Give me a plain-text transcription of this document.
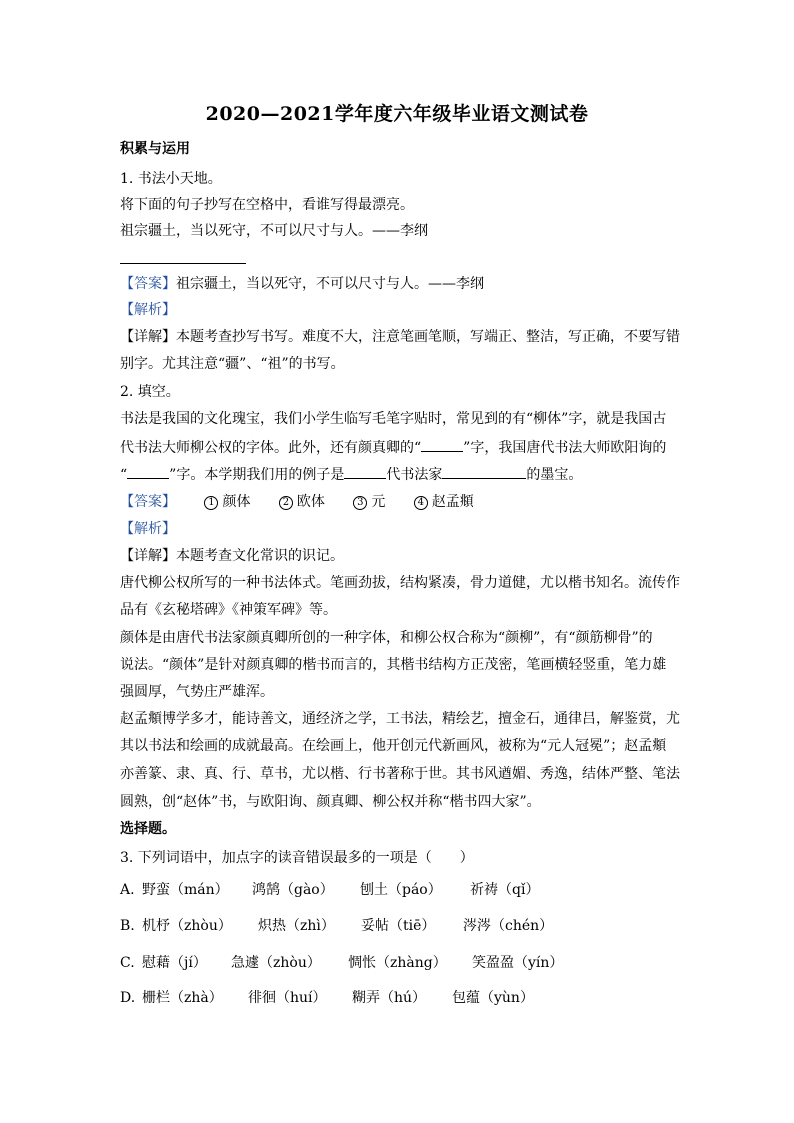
2020—2021学年度六年级毕业语文测试卷
积累与运用
1. 书法小天地。
将下面的句子抄写在空格中，看谁写得最漂亮。
祖宗疆土，当以死守，不可以尺寸与人。——李纲
【答案】祖宗疆土，当以死守，不可以尺寸与人。——李纲
【解析】
【详解】本题考查抄写书写。难度不大，注意笔画笔顺，写端正、整洁，写正确，不要写错
别字。尤其注意“疆”、“祖”的书写。
2. 填空。
书法是我国的文化瑰宝，我们小学生临写毛笔字贴时，常见到的有“柳体”字，就是我国古
代书法大师柳公权的字体。此外，还有颜真卿的“	”字，我国唐代书法大师欧阳询的
“	”字。本学期我们用的例子是	代书法家	的墨宝。
【答案】	1 颜体	2 欧体	3 元	4 赵孟頫
【解析】
【详解】本题考查文化常识的识记。
唐代柳公权所写的一种书法体式。笔画劲拔，结构紧凑，骨力道健，尤以楷书知名。流传作
品有《玄秘塔碑》《神策军碑》等。
颜体是由唐代书法家颜真卿所创的一种字体，和柳公权合称为“颜柳”，有“颜筋柳骨”的
说法。“颜体”是针对颜真卿的楷书而言的，其楷书结构方正茂密，笔画横轻竖重，笔力雄
强圆厚，气势庄严雄浑。
赵孟頫博学多才，能诗善文，通经济之学，工书法，精绘艺，擅金石，通律吕，解鉴赏，尤
其以书法和绘画的成就最高。在绘画上，他开创元代新画风，被称为“元人冠冕”；赵孟頫
亦善篆、隶、真、行、草书，尤以楷、行书著称于世。其书风遒媚、秀逸，结体严整、笔法
圆熟，创“赵体”书，与欧阳询、颜真卿、柳公权并称“楷书四大家”。
选择题。
3. 下列词语中，加点字的读音错误最多的一项是（　　）
A. 野蛮（mán） 鸿鹄（gào） 刨土（páo） 祈祷（qǐ）
B. 机杼（zhòu） 炽热（zhì） 妥帖（tiē） 涔涔（chén）
C. 慰藉（jí） 急遽（zhòu） 惆怅（zhàng） 笑盈盈（yín）
D. 栅栏（zhà） 徘徊（huí） 糊弄（hú） 包蕴（yùn）
